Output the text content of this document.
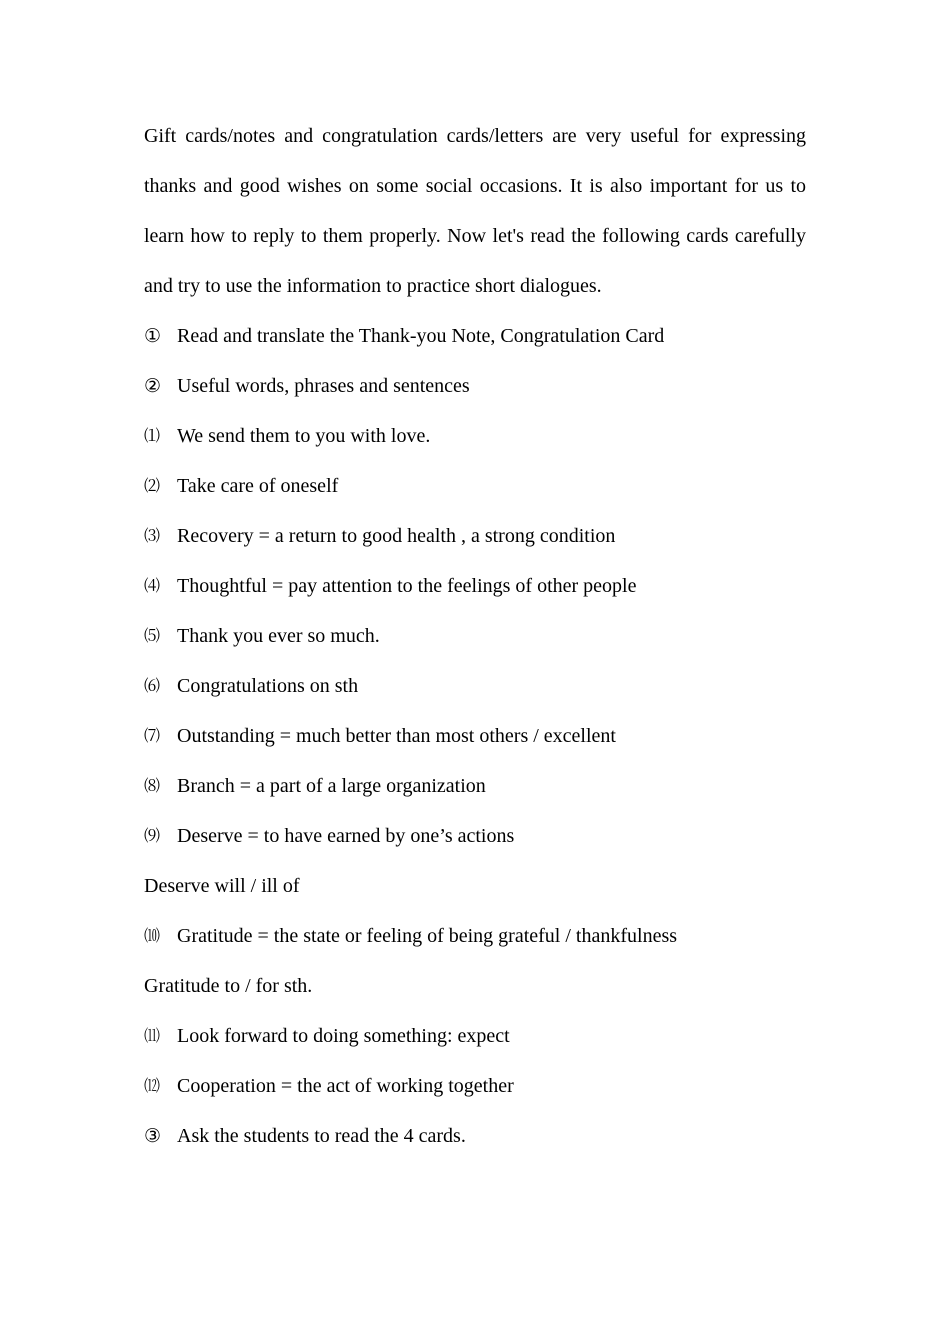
Gift cards/notes and congratulation cards/letters are very useful for expressing thanks and good wishes on some social occasions. It is also important for us to learn how to reply to them properly. Now let's read the following cards carefully and try to use the information to practice short dialogues.

① Read and translate the Thank-you Note, Congratulation Card
② Useful words, phrases and sentences
⑴ We send them to you with love.
⑵ Take care of oneself
⑶ Recovery = a return to good health , a strong condition
⑷ Thoughtful = pay attention to the feelings of other people
⑸ Thank you ever so much.
⑹ Congratulations on sth
⑺ Outstanding = much better than most others / excellent
⑻ Branch = a part of a large organization
⑼ Deserve = to have earned by one’s actions
Deserve will / ill of
⑽ Gratitude = the state or feeling of being grateful / thankfulness
Gratitude to / for sth.
⑾ Look forward to doing something: expect
⑿ Cooperation = the act of working together
③ Ask the students to read the 4 cards.
